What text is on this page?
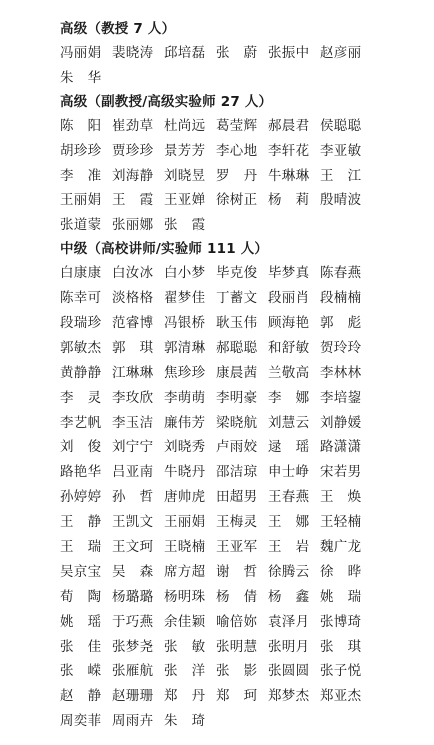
高级（教授 7 人）
冯丽娟 裴晓涛 邱培磊 张　蔚 张振中 赵彦丽
朱　华
高级（副教授/高级实验师 27 人）
陈　阳 崔劲草 杜尚远 葛莹辉 郝晨君 侯聪聪
胡珍珍 贾珍珍 景芳芳 李心地 李轩花 李亚敏
李　准 刘海静 刘晓昱 罗　丹 牛琳琳 王　江
王丽娟 王　霞 王亚婵 徐树正 杨　莉 殷晴波
张道蒙 张丽娜 张　霞
中级（高校讲师/实验师 111 人）
白康康 白汝冰 白小梦 毕克俊 毕梦真 陈春燕
陈幸可 淡格格 翟梦佳 丁蓄文 段丽肖 段楠楠
段瑞珍 范睿博 冯银桥 耿玉伟 顾海艳 郭　彪
郭敏杰 郭　琪 郭清琳 郝聪聪 和舒敏 贺玲玲
黄静静 江琳琳 焦珍珍 康晨茜 兰敬高 李林林
李　灵 李玫欣 李萌萌 李明豪 李　娜 李培鋆
李艺帆 李玉洁 廉伟芳 梁晓航 刘慧云 刘静媛
刘　俊 刘宁宁 刘晓秀 卢雨姣 逯　瑶 路潇潇
路艳华 吕亚南 牛晓丹 邵洁琼 申士峥 宋若男
孙婷婷 孙　哲 唐帅虎 田超男 王春燕 王　焕
王　静 王凯文 王丽娟 王梅灵 王　娜 王轻楠
王　瑞 王文珂 王晓楠 王亚军 王　岩 魏广龙
吴京宝 吴　森 席方超 谢　哲 徐腾云 徐　晔
荀　陶 杨璐璐 杨明珠 杨　倩 杨　鑫 姚　瑞
姚　瑶 于巧燕 余佳颖 喻倍妳 袁泽月 张博琦
张　佳 张梦尧 张　敏 张明慧 张明月 张　琪
张　嵘 张雁航 张　洋 张　影 张圆圆 张子悦
赵　静 赵珊珊 郑　丹 郑　珂 郑梦杰 郑亚杰
周奕菲 周雨卉 朱　琦
